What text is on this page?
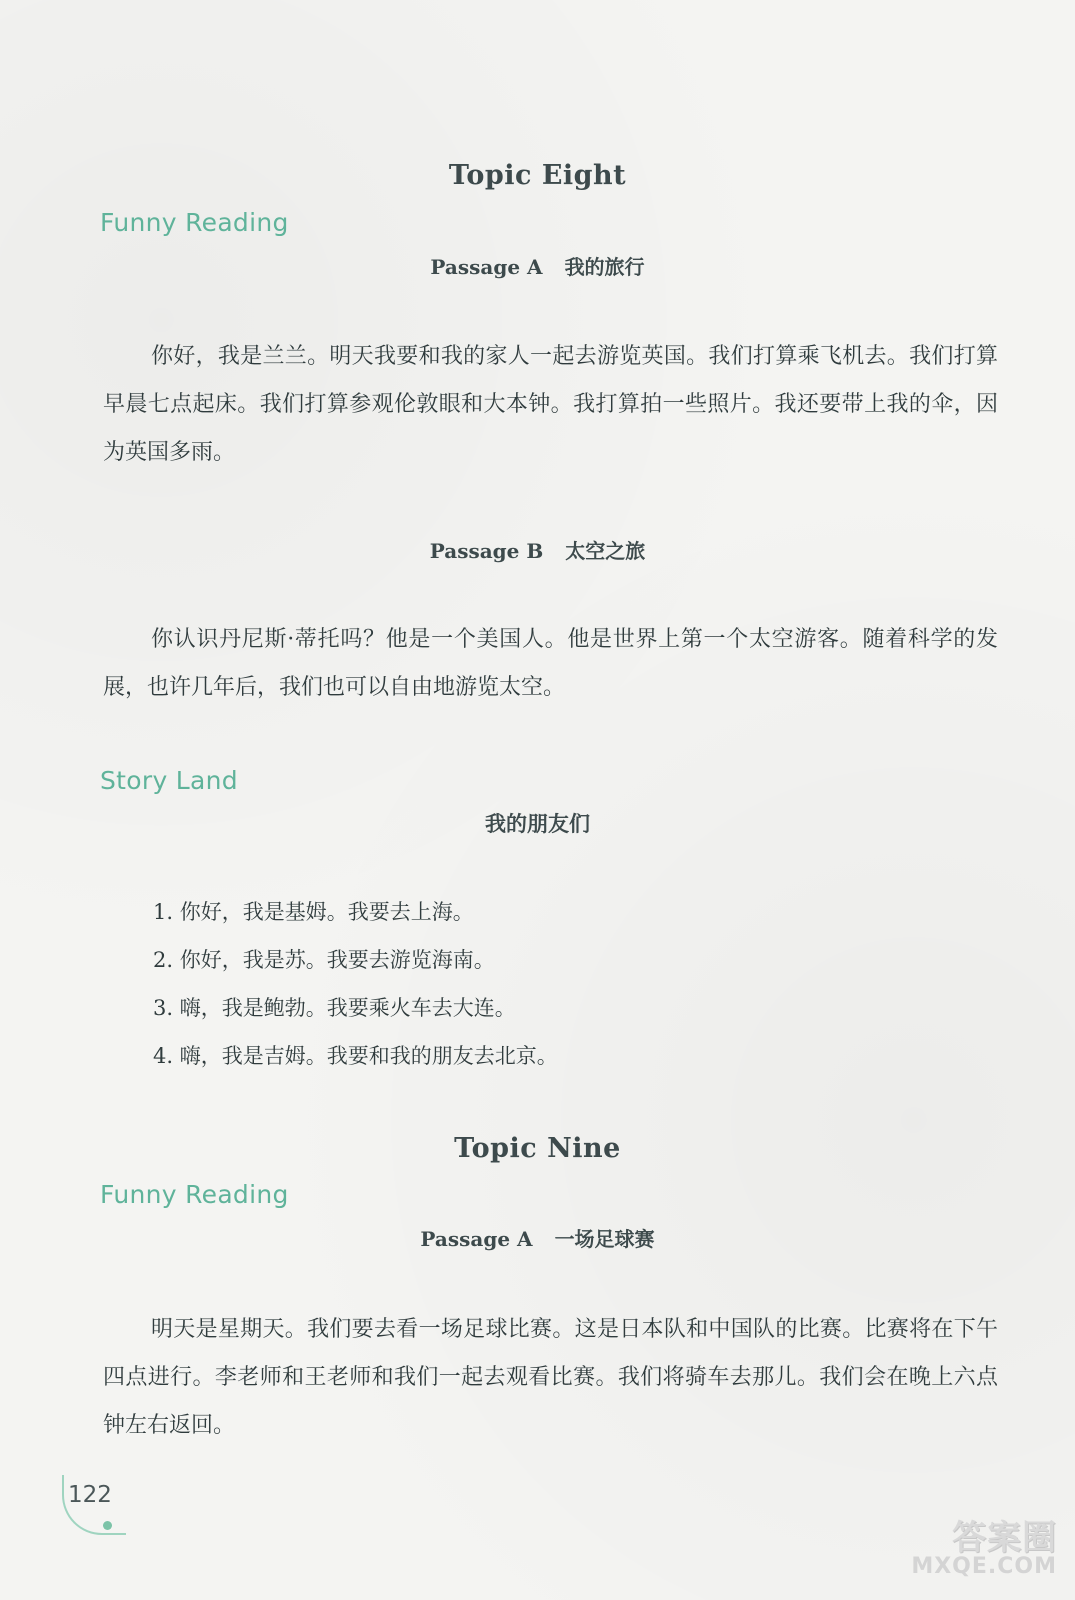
Topic Eight
Funny Reading
Passage A 我的旅行
你好，我是兰兰。明天我要和我的家人一起去游览英国。我们打算乘飞机去。我们打算早晨七点起床。我们打算参观伦敦眼和大本钟。我打算拍一些照片。我还要带上我的伞，因为英国多雨。
Passage B 太空之旅
你认识丹尼斯·蒂托吗？他是一个美国人。他是世界上第一个太空游客。随着科学的发展，也许几年后，我们也可以自由地游览太空。
Story Land
我的朋友们
1. 你好，我是基姆。我要去上海。
2. 你好，我是苏。我要去游览海南。
3. 嗨，我是鲍勃。我要乘火车去大连。
4. 嗨，我是吉姆。我要和我的朋友去北京。
Topic Nine
Funny Reading
Passage A 一场足球赛
明天是星期天。我们要去看一场足球比赛。这是日本队和中国队的比赛。比赛将在下午四点进行。李老师和王老师和我们一起去观看比赛。我们将骑车去那儿。我们会在晚上六点钟左右返回。
122
答案圈
MXQE.COM
